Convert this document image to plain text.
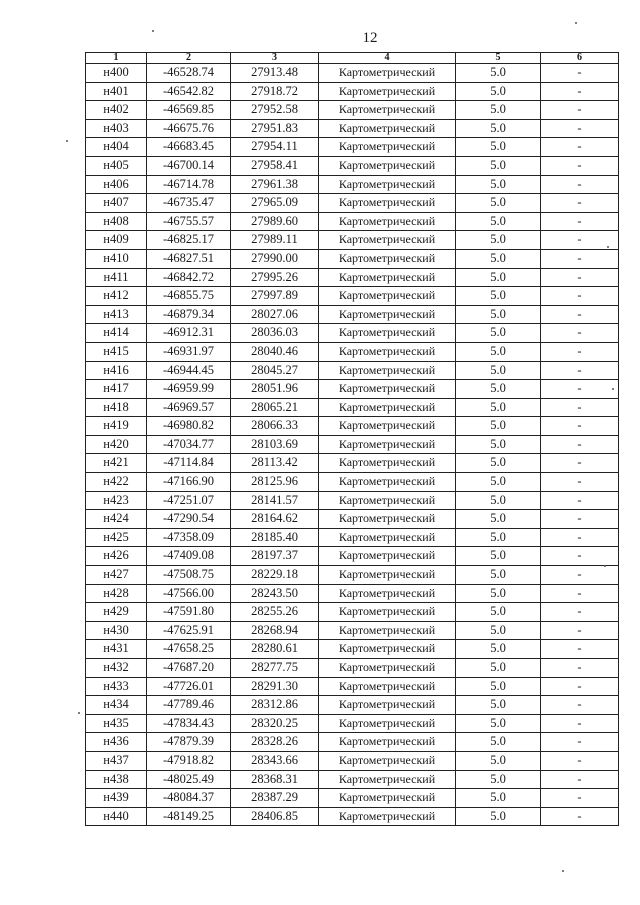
12
1	2	3	4	5	6
н400	-46528.74	27913.48	Картометрический	5.0	-
н401	-46542.82	27918.72	Картометрический	5.0	-
н402	-46569.85	27952.58	Картометрический	5.0	-
н403	-46675.76	27951.83	Картометрический	5.0	-
н404	-46683.45	27954.11	Картометрический	5.0	-
н405	-46700.14	27958.41	Картометрический	5.0	-
н406	-46714.78	27961.38	Картометрический	5.0	-
н407	-46735.47	27965.09	Картометрический	5.0	-
н408	-46755.57	27989.60	Картометрический	5.0	-
н409	-46825.17	27989.11	Картометрический	5.0	-
н410	-46827.51	27990.00	Картометрический	5.0	-
н411	-46842.72	27995.26	Картометрический	5.0	-
н412	-46855.75	27997.89	Картометрический	5.0	-
н413	-46879.34	28027.06	Картометрический	5.0	-
н414	-46912.31	28036.03	Картометрический	5.0	-
н415	-46931.97	28040.46	Картометрический	5.0	-
н416	-46944.45	28045.27	Картометрический	5.0	-
н417	-46959.99	28051.96	Картометрический	5.0	-
н418	-46969.57	28065.21	Картометрический	5.0	-
н419	-46980.82	28066.33	Картометрический	5.0	-
н420	-47034.77	28103.69	Картометрический	5.0	-
н421	-47114.84	28113.42	Картометрический	5.0	-
н422	-47166.90	28125.96	Картометрический	5.0	-
н423	-47251.07	28141.57	Картометрический	5.0	-
н424	-47290.54	28164.62	Картометрический	5.0	-
н425	-47358.09	28185.40	Картометрический	5.0	-
н426	-47409.08	28197.37	Картометрический	5.0	-
н427	-47508.75	28229.18	Картометрический	5.0	-
н428	-47566.00	28243.50	Картометрический	5.0	-
н429	-47591.80	28255.26	Картометрический	5.0	-
н430	-47625.91	28268.94	Картометрический	5.0	-
н431	-47658.25	28280.61	Картометрический	5.0	-
н432	-47687.20	28277.75	Картометрический	5.0	-
н433	-47726.01	28291.30	Картометрический	5.0	-
н434	-47789.46	28312.86	Картометрический	5.0	-
н435	-47834.43	28320.25	Картометрический	5.0	-
н436	-47879.39	28328.26	Картометрический	5.0	-
н437	-47918.82	28343.66	Картометрический	5.0	-
н438	-48025.49	28368.31	Картометрический	5.0	-
н439	-48084.37	28387.29	Картометрический	5.0	-
н440	-48149.25	28406.85	Картометрический	5.0	-
